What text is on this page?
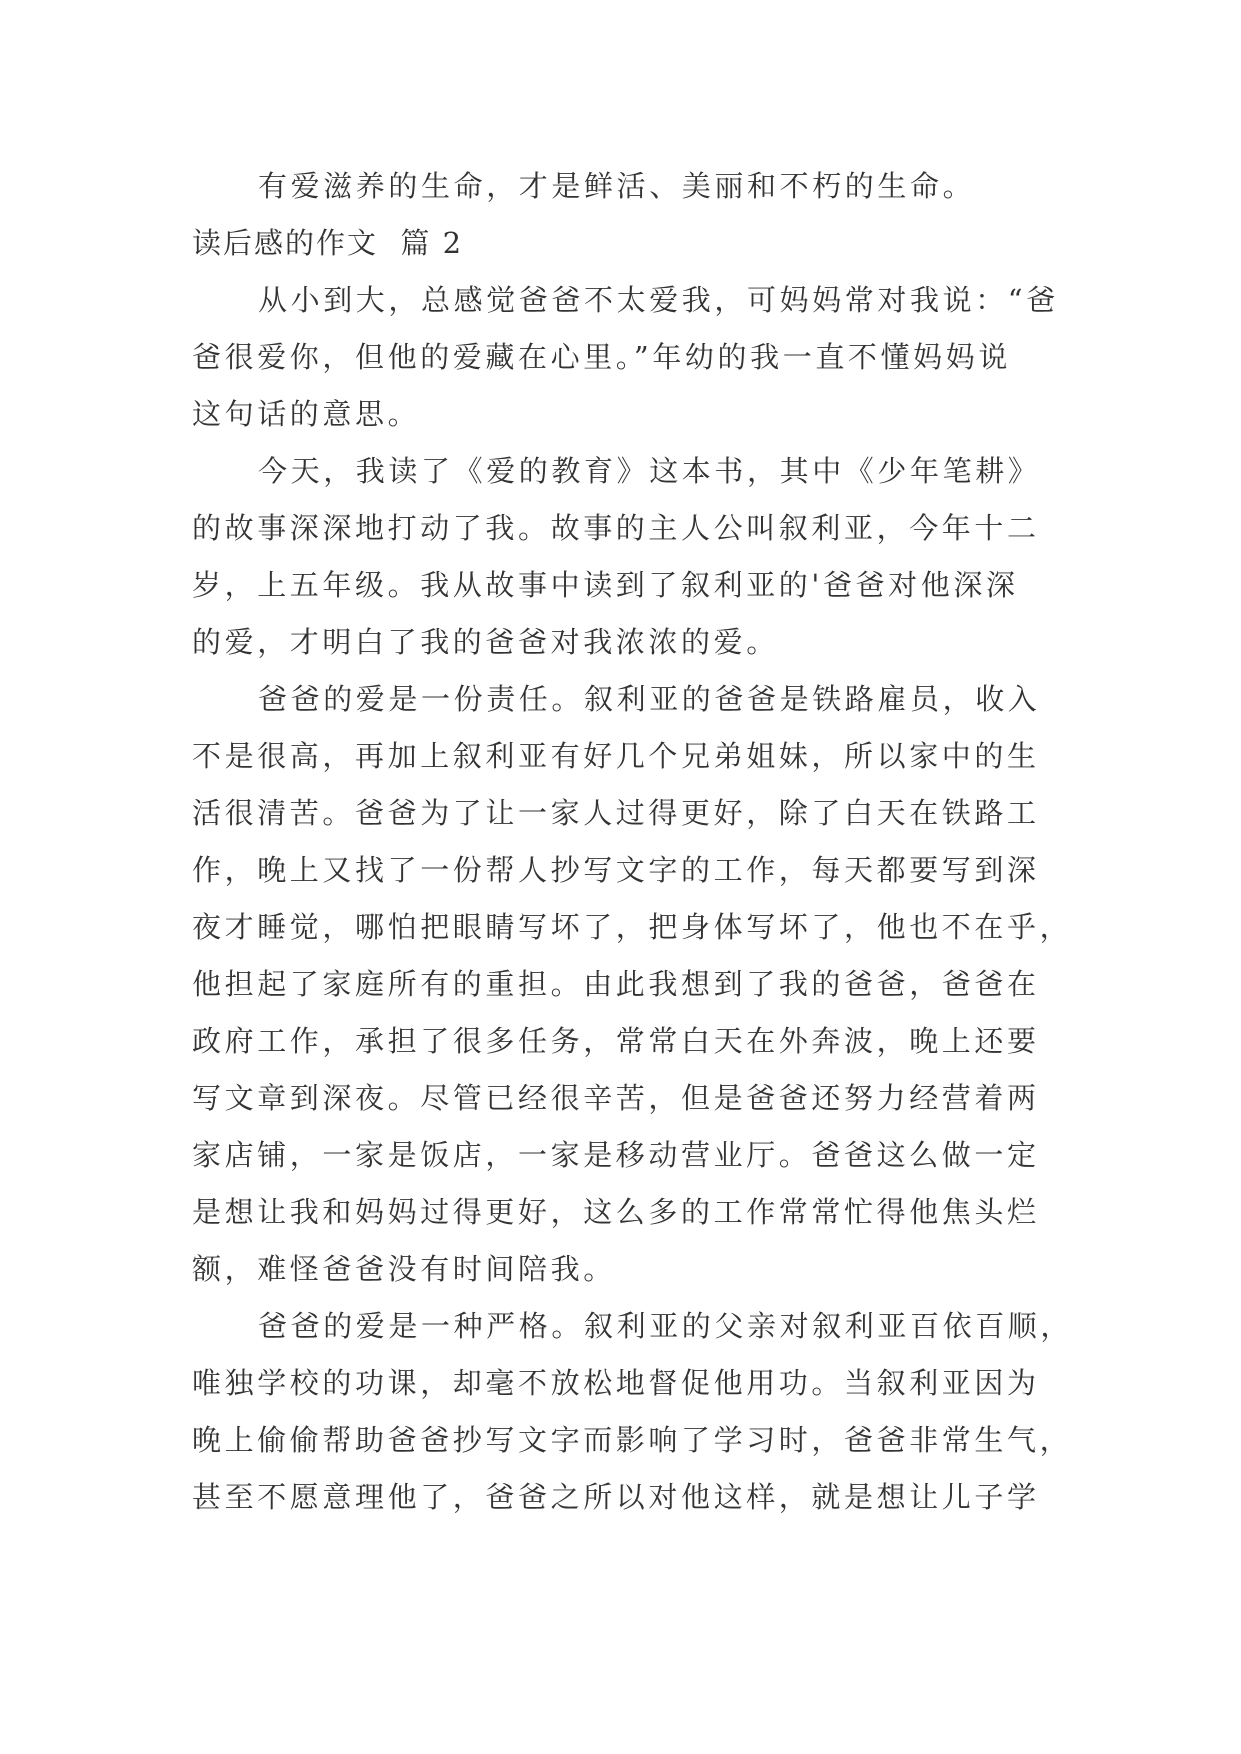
有爱滋养的生命，才是鲜活、美丽和不朽的生命。
读后感的作文  篇 2
从小到大，总感觉爸爸不太爱我，可妈妈常对我说：“爸
爸很爱你，但他的爱藏在心里。”年幼的我一直不懂妈妈说
这句话的意思。
今天，我读了《爱的教育》这本书，其中《少年笔耕》
的故事深深地打动了我。故事的主人公叫叙利亚，今年十二
岁，上五年级。我从故事中读到了叙利亚的'爸爸对他深深
的爱，才明白了我的爸爸对我浓浓的爱。
爸爸的爱是一份责任。叙利亚的爸爸是铁路雇员，收入
不是很高，再加上叙利亚有好几个兄弟姐妹，所以家中的生
活很清苦。爸爸为了让一家人过得更好，除了白天在铁路工
作，晚上又找了一份帮人抄写文字的工作，每天都要写到深
夜才睡觉，哪怕把眼睛写坏了，把身体写坏了，他也不在乎，
他担起了家庭所有的重担。由此我想到了我的爸爸，爸爸在
政府工作，承担了很多任务，常常白天在外奔波，晚上还要
写文章到深夜。尽管已经很辛苦，但是爸爸还努力经营着两
家店铺，一家是饭店，一家是移动营业厅。爸爸这么做一定
是想让我和妈妈过得更好，这么多的工作常常忙得他焦头烂
额，难怪爸爸没有时间陪我。
爸爸的爱是一种严格。叙利亚的父亲对叙利亚百依百顺，
唯独学校的功课，却毫不放松地督促他用功。当叙利亚因为
晚上偷偷帮助爸爸抄写文字而影响了学习时，爸爸非常生气，
甚至不愿意理他了，爸爸之所以对他这样，就是想让儿子学
